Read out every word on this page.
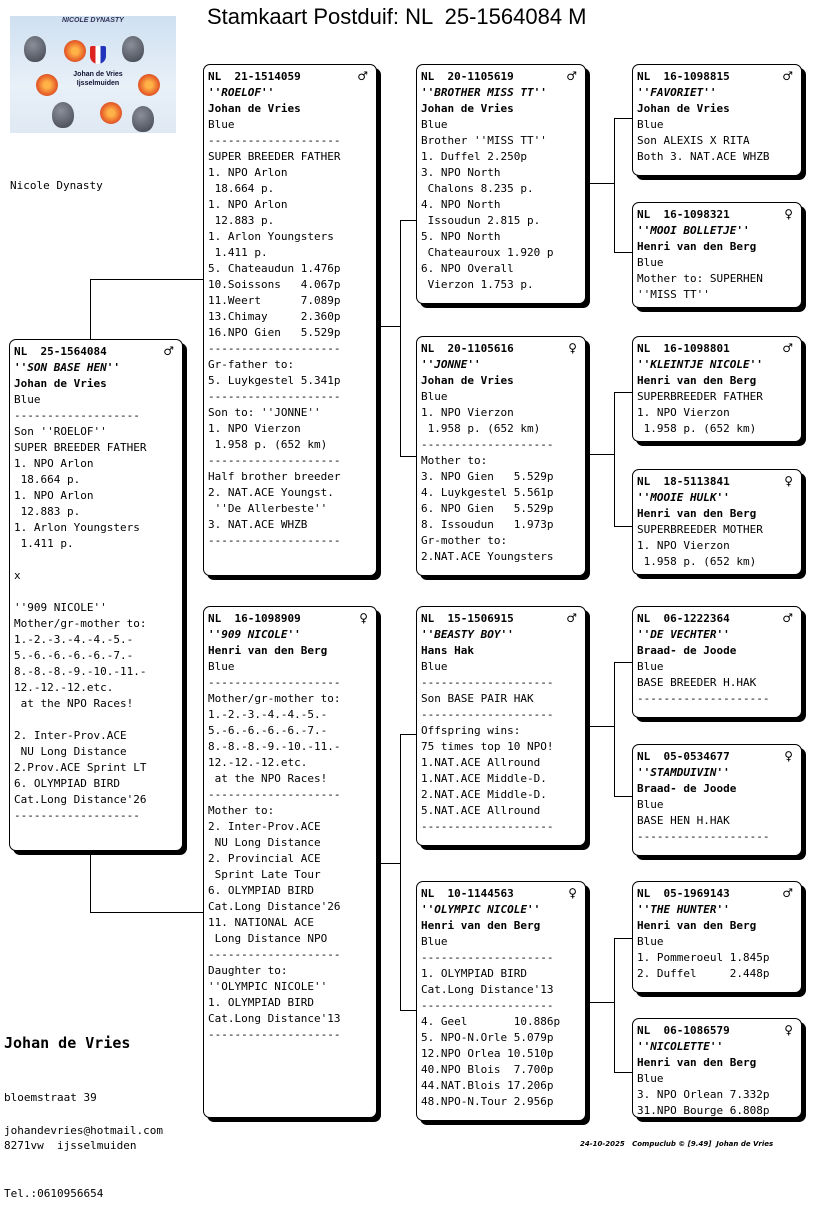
Stamkaart Postduif: NL  25-1564084 M
NICOLE DYNASTY
Johan de Vries
Ijsselmuiden
Nicole Dynasty
NL  25-1564084	♂
''SON BASE HEN''
Johan de Vries
Blue
-------------------
Son ''ROELOF''
SUPER BREEDER FATHER
1. NPO Arlon
18.664 p.
1. NPO Arlon
12.883 p.
1. Arlon Youngsters
1.411 p.

x

''909 NICOLE''
Mother/gr-mother to:
1.-2.-3.-4.-4.-5.-
5.-6.-6.-6.-6.-7.-
8.-8.-8.-9.-10.-11.-
12.-12.-12.etc.
at the NPO Races!

2. Inter-Prov.ACE
NU Long Distance
2.Prov.ACE Sprint LT
6. OLYMPIAD BIRD
Cat.Long Distance'26
-------------------
NL  21-1514059	♂
''ROELOF''
Johan de Vries
Blue
--------------------
SUPER BREEDER FATHER
1. NPO Arlon
18.664 p.
1. NPO Arlon
12.883 p.
1. Arlon Youngsters
1.411 p.
5. Chateaudun 1.476p
10.Soissons   4.067p
11.Weert      7.089p
13.Chimay     2.360p
16.NPO Gien   5.529p
--------------------
Gr-father to:
5. Luykgestel 5.341p
--------------------
Son to: ''JONNE''
1. NPO Vierzon
1.958 p. (652 km)
--------------------
Half brother breeder
2. NAT.ACE Youngst.
''De Allerbeste''
3. NAT.ACE WHZB
--------------------
NL  16-1098909	♀
''909 NICOLE''
Henri van den Berg
Blue
--------------------
Mother/gr-mother to:
1.-2.-3.-4.-4.-5.-
5.-6.-6.-6.-6.-7.-
8.-8.-8.-9.-10.-11.-
12.-12.-12.etc.
at the NPO Races!
--------------------
Mother to:
2. Inter-Prov.ACE
NU Long Distance
2. Provincial ACE
Sprint Late Tour
6. OLYMPIAD BIRD
Cat.Long Distance'26
11. NATIONAL ACE
Long Distance NPO
--------------------
Daughter to:
''OLYMPIC NICOLE''
1. OLYMPIAD BIRD
Cat.Long Distance'13
--------------------
NL  20-1105619	♂
''BROTHER MISS TT''
Johan de Vries
Blue
Brother ''MISS TT''
1. Duffel 2.250p
3. NPO North
Chalons 8.235 p.
4. NPO North
Issoudun 2.815 p.
5. NPO North
Chateauroux 1.920 p
6. NPO Overall
Vierzon 1.753 p.
NL  20-1105616	♀
''JONNE''
Johan de Vries
Blue
1. NPO Vierzon
1.958 p. (652 km)
--------------------
Mother to:
3. NPO Gien   5.529p
4. Luykgestel 5.561p
6. NPO Gien   5.529p
8. Issoudun   1.973p
Gr-mother to:
2.NAT.ACE Youngsters
NL  15-1506915	♂
''BEASTY BOY''
Hans Hak
Blue
--------------------
Son BASE PAIR HAK
--------------------
Offspring wins:
75 times top 10 NPO!
1.NAT.ACE Allround
1.NAT.ACE Middle-D.
2.NAT.ACE Middle-D.
5.NAT.ACE Allround
--------------------
NL  10-1144563	♀
''OLYMPIC NICOLE''
Henri van den Berg
Blue
--------------------
1. OLYMPIAD BIRD
Cat.Long Distance'13
--------------------
4. Geel       10.886p
5. NPO-N.Orle 5.079p
12.NPO Orlea 10.510p
40.NPO Blois  7.700p
44.NAT.Blois 17.206p
48.NPO-N.Tour 2.956p
NL  16-1098815	♂
''FAVORIET''
Johan de Vries
Blue
Son ALEXIS X RITA
Both 3. NAT.ACE WHZB
NL  16-1098321	♀
''MOOI BOLLETJE''
Henri van den Berg
Blue
Mother to: SUPERHEN
''MISS TT''
NL  16-1098801	♂
''KLEINTJE NICOLE''
Henri van den Berg
SUPERBREEDER FATHER
1. NPO Vierzon
1.958 p. (652 km)
NL  18-5113841	♀
''MOOIE HULK''
Henri van den Berg
SUPERBREEDER MOTHER
1. NPO Vierzon
1.958 p. (652 km)
NL  06-1222364	♂
''DE VECHTER''
Braad- de Joode
Blue
BASE BREEDER H.HAK
--------------------
NL  05-0534677	♀
''STAMDUIVIN''
Braad- de Joode
Blue
BASE HEN H.HAK
--------------------
NL  05-1969143	♂
''THE HUNTER''
Henri van den Berg
Blue
1. Pommeroeul 1.845p
2. Duffel     2.448p
NL  06-1086579	♀
''NICOLETTE''
Henri van den Berg
Blue
3. NPO Orlean 7.332p
31.NPO Bourge 6.808p
Johan de Vries

bloemstraat 39

8271vw  ijsselmuiden

Tel.:0610956654

johandevries@hotmail.com
24-10-2025   Compuclub © [9.49]  Johan de Vries
